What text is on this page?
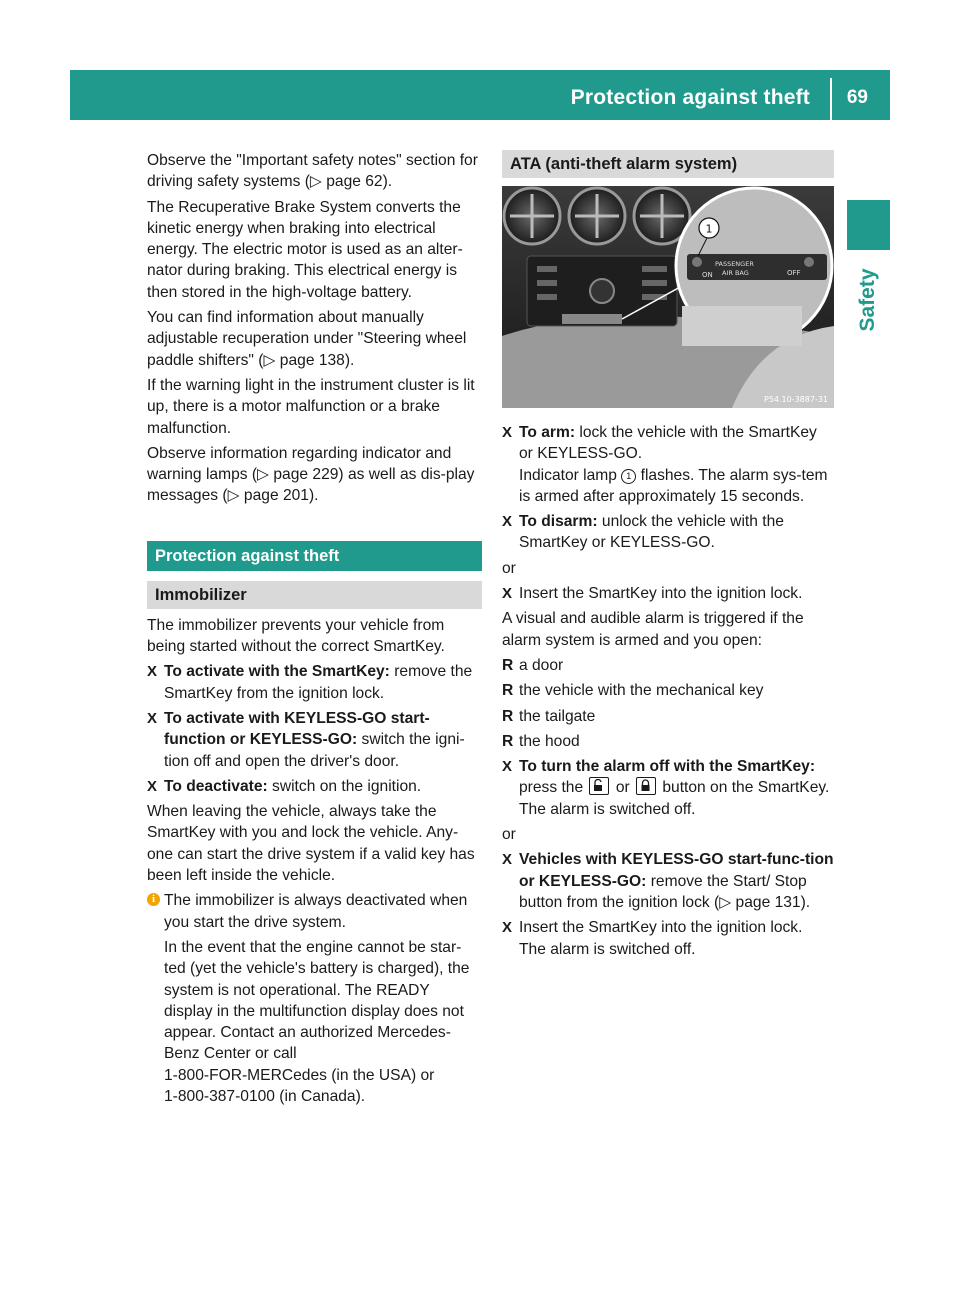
Protection against theft 69
Safety

Observe the "Important safety notes" section for driving safety systems (▷ page 62).

The Recuperative Brake System converts the kinetic energy when braking into electrical energy. The electric motor is used as an alter-nator during braking. This electrical energy is then stored in the high-voltage battery.

You can find information about manually adjustable recuperation under "Steering wheel paddle shifters" (▷ page 138).

If the warning light in the instrument cluster is lit up, there is a motor malfunction or a brake malfunction.

Observe information regarding indicator and warning lamps (▷ page 229) as well as dis-play messages (▷ page 201).

Protection against theft
Immobilizer

The immobilizer prevents your vehicle from being started without the correct SmartKey.

X To activate with the SmartKey: remove the SmartKey from the ignition lock.
X To activate with KEYLESS-GO start-function or KEYLESS-GO: switch the igni-tion off and open the driver's door.
X To deactivate: switch on the ignition.

When leaving the vehicle, always take the SmartKey with you and lock the vehicle. Any-one can start the drive system if a valid key has been left inside the vehicle.

i The immobilizer is always deactivated when you start the drive system.

In the event that the engine cannot be star-ted (yet the vehicle's battery is charged), the system is not operational. The READY display in the multifunction display does not appear. Contact an authorized Mercedes-Benz Center or call

1-800-FOR-MERCedes (in the USA) or
1-800-387-0100 (in Canada).
ATA (anti-theft alarm system)
ON
PASSENGER
AIR BAG	OFF
1
P54.10-3887-31
X To arm: lock the vehicle with the SmartKey or KEYLESS-GO.
Indicator lamp 1 flashes. The alarm sys-tem is armed after approximately 15 seconds.
X To disarm: unlock the vehicle with the SmartKey or KEYLESS-GO.

or

X Insert the SmartKey into the ignition lock.

A visual and audible alarm is triggered if the alarm system is armed and you open:

R a door
R the vehicle with the mechanical key
R the tailgate
R the hood
X To turn the alarm off with the SmartKey:
press the
or
button on the SmartKey.
The alarm is switched off.

or

X Vehicles with KEYLESS-GO start-func-tion or KEYLESS-GO: remove the Start/ Stop button from the ignition lock (▷ page 131).
X Insert the SmartKey into the ignition lock.
The alarm is switched off.
